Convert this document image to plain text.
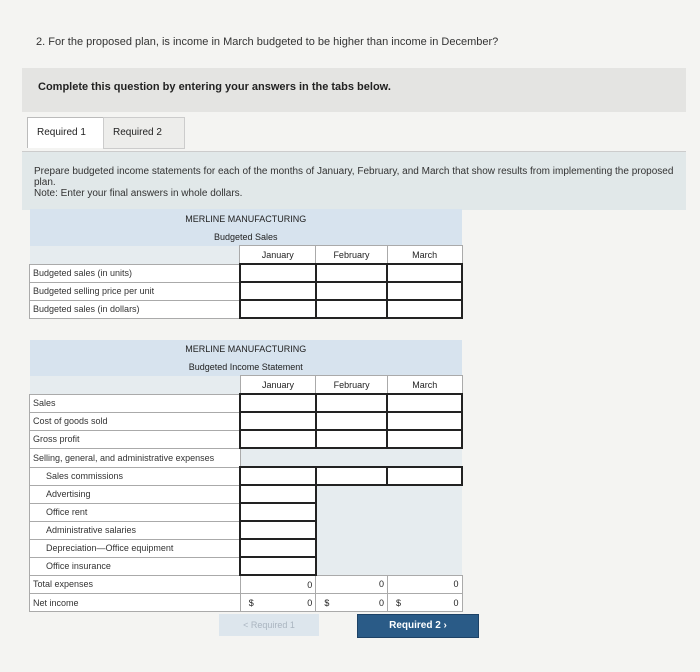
2. For the proposed plan, is income in March budgeted to be higher than income in December?
Complete this question by entering your answers in the tabs below.
Required 1	Required 2
Prepare budgeted income statements for each of the months of January, February, and March that show results from implementing the proposed plan.
Note: Enter your final answers in whole dollars.
MERLINE MANUFACTURING			
Budgeted Sales			
	January	February	March
Budgeted sales (in units)			
Budgeted selling price per unit			
Budgeted sales (in dollars)			
MERLINE MANUFACTURING			
Budgeted Income Statement			
	January	February	March
Sales			
Cost of goods sold			
Gross profit			
Selling, general, and administrative expenses			
Sales commissions			
Advertising			
Office rent			
Administrative salaries			
Depreciation—Office equipment			
Office insurance			
Total expenses	0	0	0
Net income	$ 0	$ 0	$ 0
< Required 1	Required 2 ›
